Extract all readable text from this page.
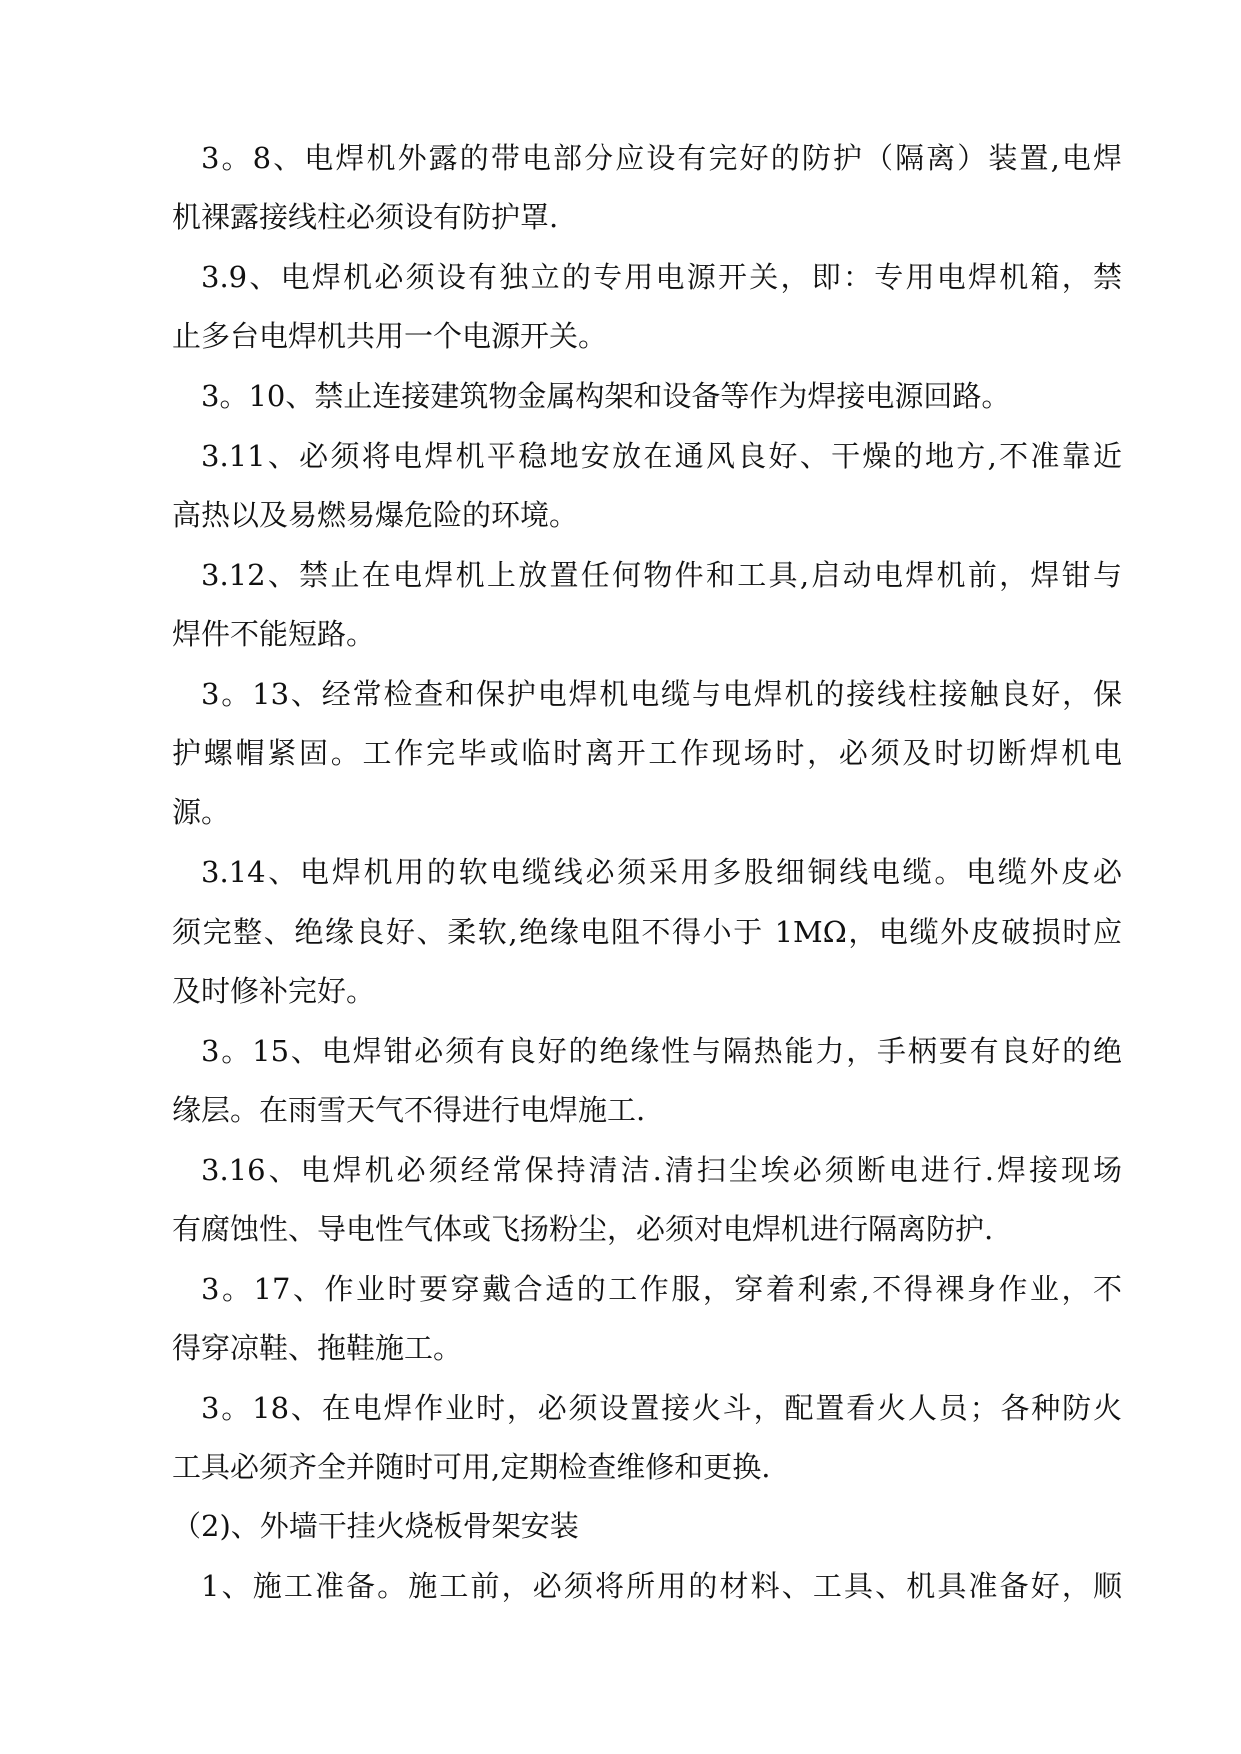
3。8、电焊机外露的带电部分应设有完好的防护（隔离）装置,电焊
机裸露接线柱必须设有防护罩.
3.9、电焊机必须设有独立的专用电源开关，即：专用电焊机箱，禁
止多台电焊机共用一个电源开关。
3。10、禁止连接建筑物金属构架和设备等作为焊接电源回路。
3.11、必须将电焊机平稳地安放在通风良好、干燥的地方,不准靠近
高热以及易燃易爆危险的环境。
3.12、禁止在电焊机上放置任何物件和工具,启动电焊机前，焊钳与
焊件不能短路。
3。13、经常检查和保护电焊机电缆与电焊机的接线柱接触良好，保
护螺帽紧固。工作完毕或临时离开工作现场时，必须及时切断焊机电
源。
3.14、电焊机用的软电缆线必须采用多股细铜线电缆。电缆外皮必
须完整、绝缘良好、柔软,绝缘电阻不得小于 1MΩ，电缆外皮破损时应
及时修补完好。
3。15、电焊钳必须有良好的绝缘性与隔热能力，手柄要有良好的绝
缘层。在雨雪天气不得进行电焊施工.
3.16、电焊机必须经常保持清洁.清扫尘埃必须断电进行.焊接现场
有腐蚀性、导电性气体或飞扬粉尘，必须对电焊机进行隔离防护.
3。17、作业时要穿戴合适的工作服，穿着利索,不得裸身作业，不
得穿凉鞋、拖鞋施工。
3。18、在电焊作业时，必须设置接火斗，配置看火人员；各种防火
工具必须齐全并随时可用,定期检查维修和更换.
（2)、外墙干挂火烧板骨架安装
1、施工准备。施工前，必须将所用的材料、工具、机具准备好，顺
